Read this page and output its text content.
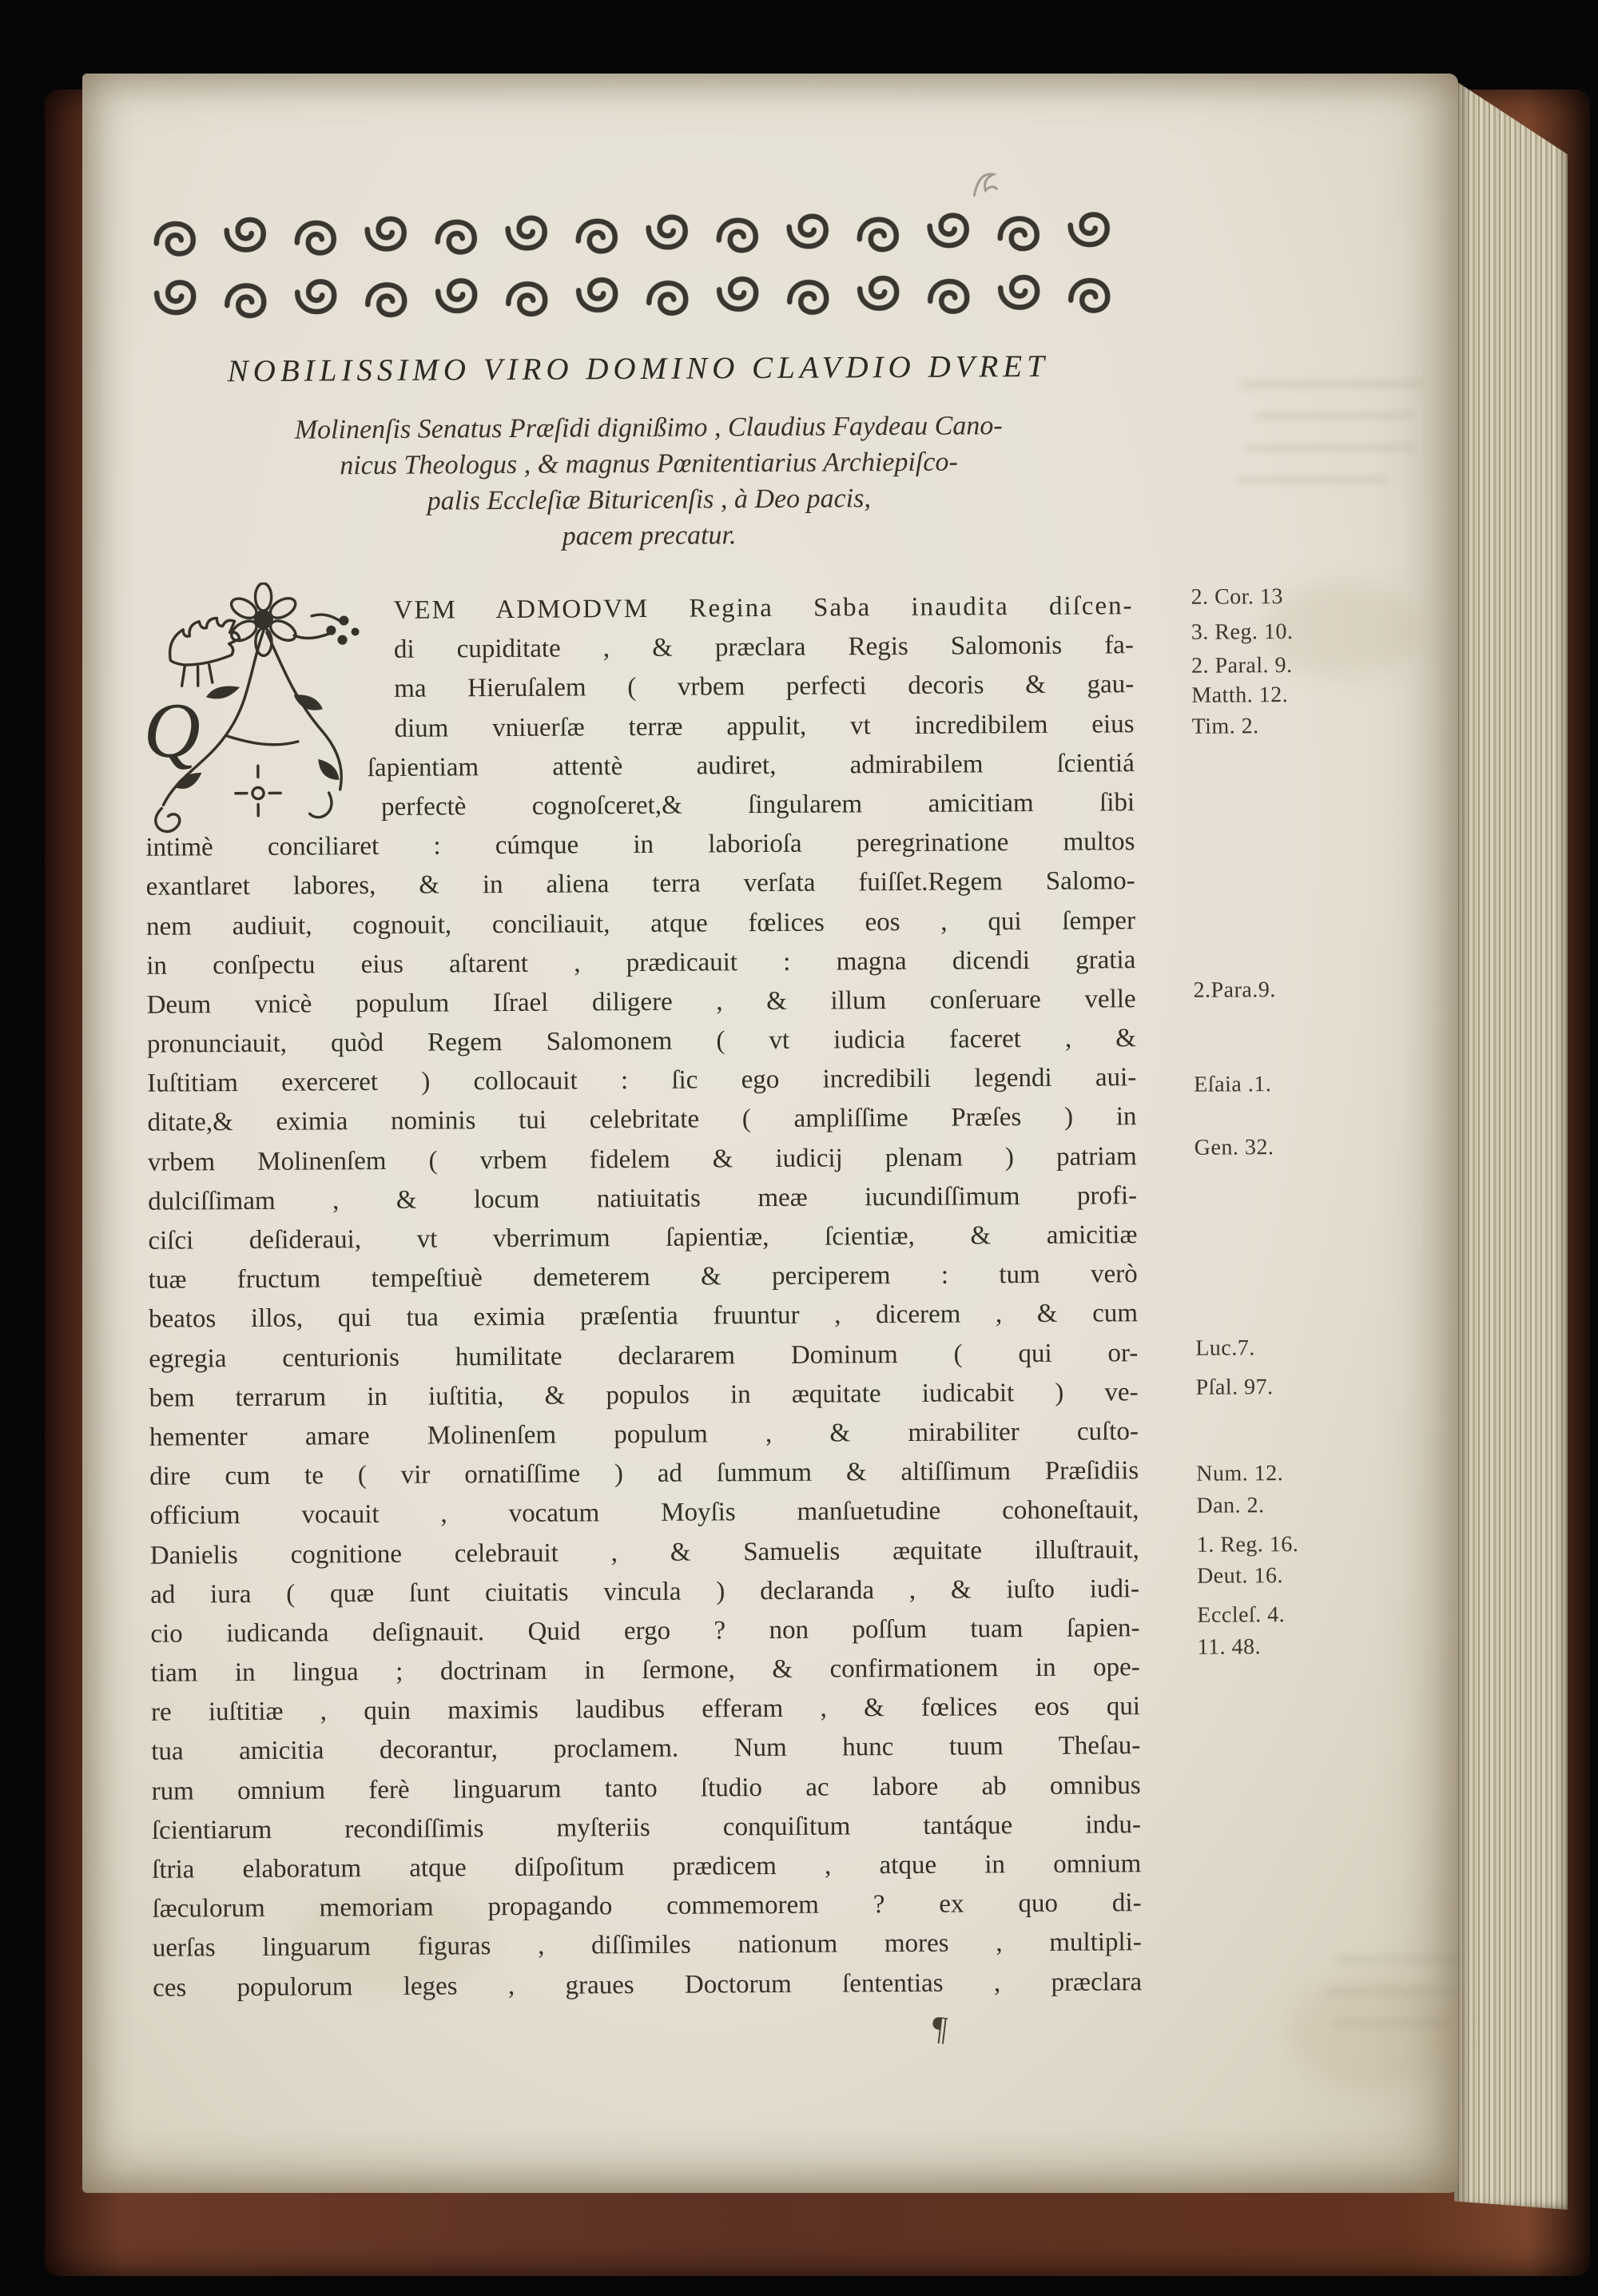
NOBILISSIMO VIRO DOMINO CLAVDIO DVRET
Molinenſis Senatus Præſidi dignißimo , Claudius Faydeau Cano-
nicus Theologus , & magnus Pœnitentiarius Archiepiſco-
palis Eccleſiæ Bituricenſis , à Deo pacis,
pacem precatur.
Q
VEM ADMODVM Regina Saba inaudita diſcen-
di cupiditate , & præclara Regis Salomonis fa-
ma Hieruſalem ( vrbem perfecti decoris & gau-
dium vniuerſæ terræ appulit, vt incredibilem eius
ſapientiam attentè audiret, admirabilem ſcientiá
perfectè cognoſceret,& ſingularem amicitiam ſibi
intimè conciliaret : cúmque in laborioſa peregrinatione multos
exantlaret labores, & in aliena terra verſata fuiſſet.Regem Salomo-
nem audiuit, cognouit, conciliauit, atque fœlices eos , qui ſemper
in conſpectu eius aſtarent , prædicauit : magna dicendi gratia
Deum vnicè populum Iſrael diligere , & illum conſeruare velle
pronunciauit, quòd Regem Salomonem ( vt iudicia faceret , &
Iuſtitiam exerceret ) collocauit : ſic ego incredibili legendi aui-
ditate,& eximia nominis tui celebritate ( ampliſſime Præſes ) in
vrbem Molinenſem ( vrbem fidelem & iudicij plenam ) patriam
dulciſſimam , & locum natiuitatis meæ iucundiſſimum profi-
ciſci deſideraui, vt vberrimum ſapientiæ, ſcientiæ, & amicitiæ
tuæ fructum tempeſtiuè demeterem & perciperem : tum verò
beatos illos, qui tua eximia præſentia fruuntur , dicerem , & cum
egregia centurionis humilitate declararem Dominum ( qui or-
bem terrarum in iuſtitia, & populos in æquitate iudicabit ) ve-
hementer amare Molinenſem populum , & mirabiliter cuſto-
dire cum te ( vir ornatiſſime ) ad ſummum & altiſſimum Præſidiis
officium vocauit , vocatum Moyſis manſuetudine cohoneſtauit,
Danielis cognitione celebrauit , & Samuelis æquitate illuſtrauit,
ad iura ( quæ ſunt ciuitatis vincula ) declaranda , & iuſto iudi-
cio iudicanda deſignauit. Quid ergo ? non poſſum tuam ſapien-
tiam in lingua ; doctrinam in ſermone, & confirmationem in ope-
re iuſtitiæ , quin maximis laudibus efferam , & fœlices eos qui
tua amicitia decorantur, proclamem. Num hunc tuum Theſau-
rum omnium ferè linguarum tanto ſtudio ac labore ab omnibus
ſcientiarum recondiſſimis myſteriis conquiſitum tantáque indu-
ſtria elaboratum atque diſpoſitum prædicem , atque in omnium
ſæculorum memoriam propagando commemorem ? ex quo di-
uerſas linguarum figuras , diſſimiles nationum mores , multipli-
ces populorum leges , graues Doctorum ſententias , præclara
2. Cor. 13
3. Reg. 10.
2. Paral. 9.
Matth. 12.
Tim. 2.
2.Para.9.
Eſaia .1.
Gen. 32.
Luc.7.
Pſal. 97.
Num. 12.
Dan. 2.
1. Reg. 16.
Deut. 16.
Eccleſ. 4.
11. 48.
¶
